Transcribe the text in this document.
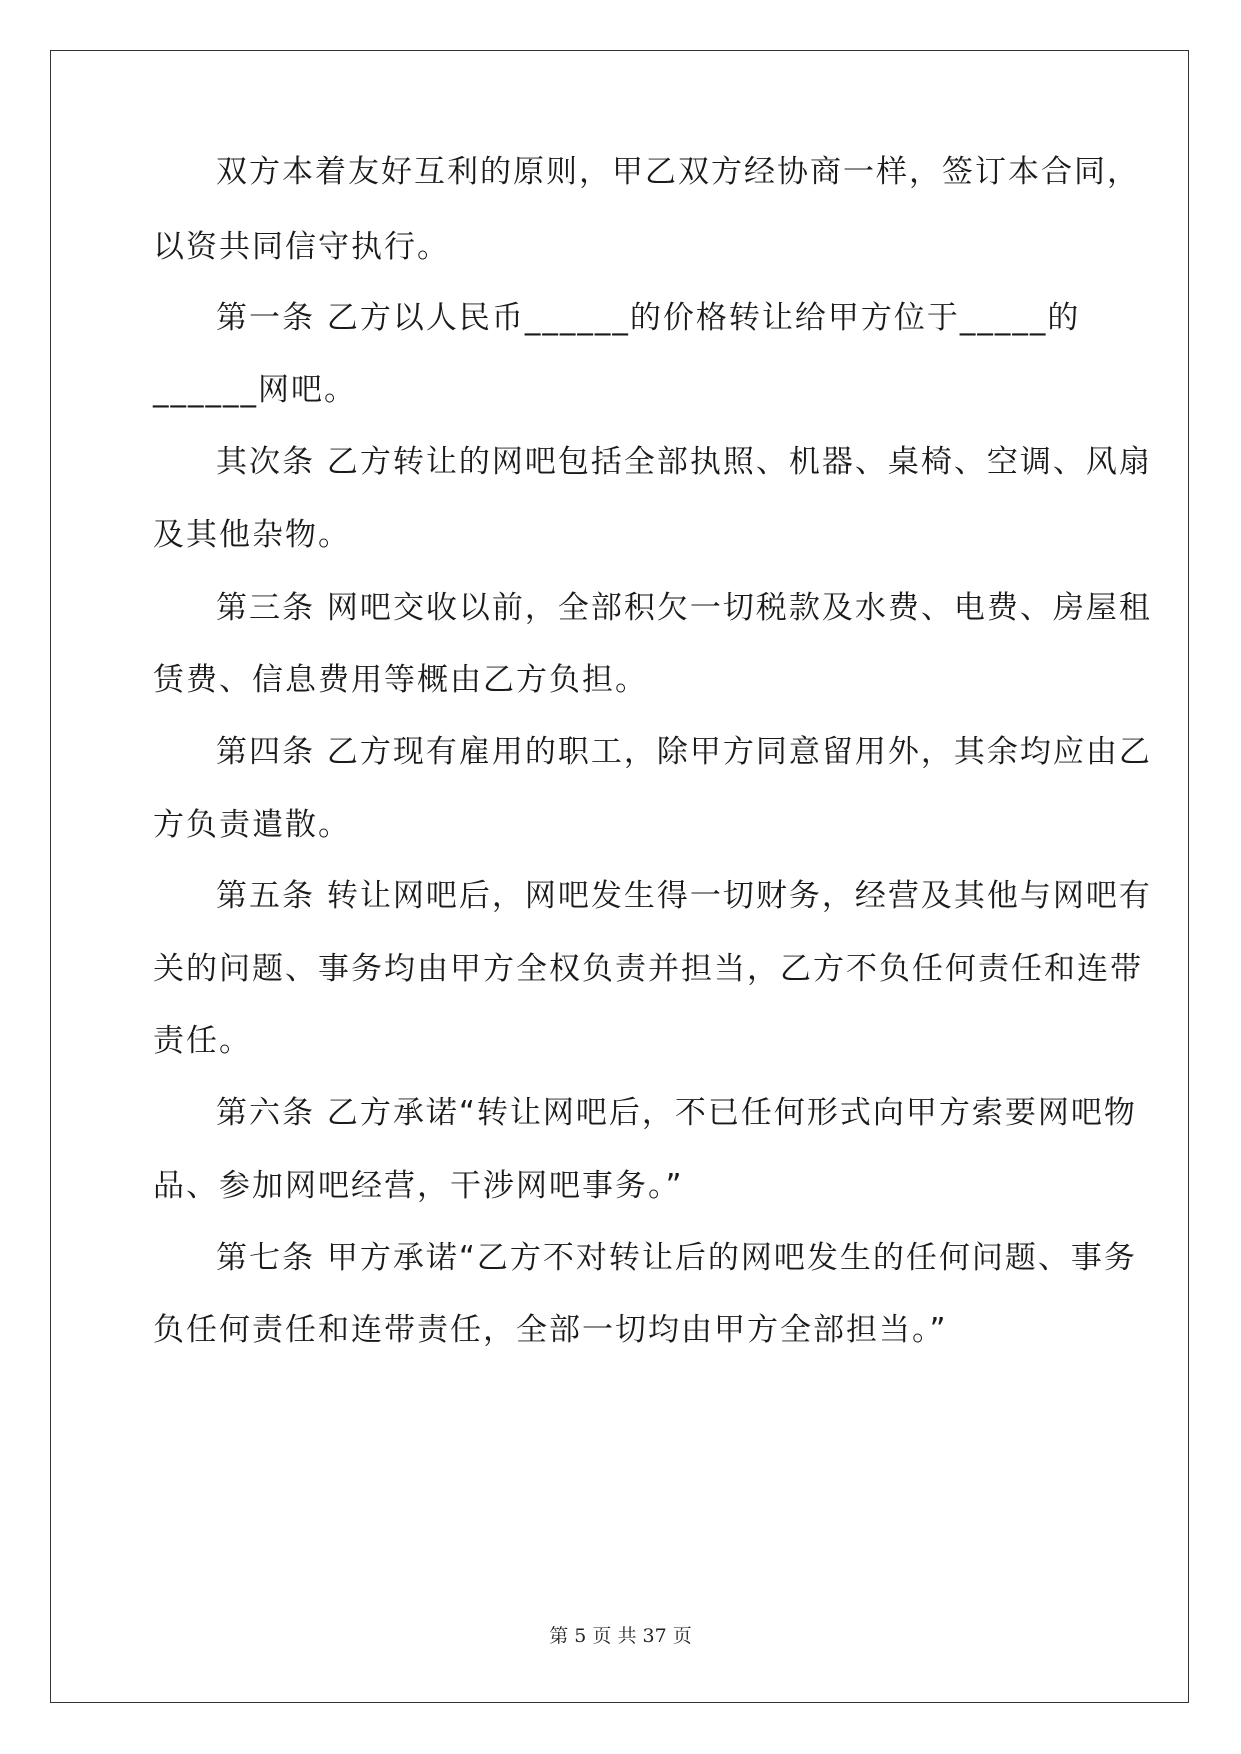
双方本着友好互利的原则，甲乙双方经协商一样，签订本合同，
以资共同信守执行。
第一条 乙方以人民币______的价格转让给甲方位于_____的
______网吧。
其次条 乙方转让的网吧包括全部执照、机器、桌椅、空调、风扇
及其他杂物。
第三条 网吧交收以前，全部积欠一切税款及水费、电费、房屋租
赁费、信息费用等概由乙方负担。
第四条 乙方现有雇用的职工，除甲方同意留用外，其余均应由乙
方负责遣散。
第五条 转让网吧后，网吧发生得一切财务，经营及其他与网吧有
关的问题、事务均由甲方全权负责并担当，乙方不负任何责任和连带
责任。
第六条 乙方承诺“转让网吧后，不已任何形式向甲方索要网吧物
品、参加网吧经营，干涉网吧事务。”
第七条 甲方承诺“乙方不对转让后的网吧发生的任何问题、事务
负任何责任和连带责任，全部一切均由甲方全部担当。”
第 5 页 共 37 页
